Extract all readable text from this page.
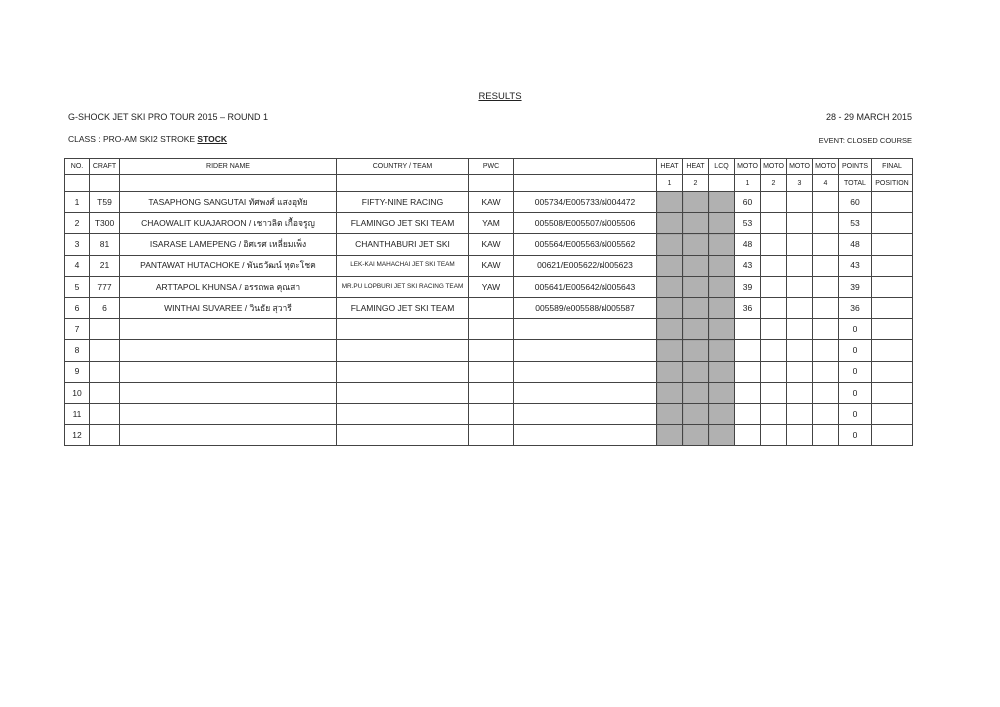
RESULTS
G-SHOCK JET SKI PRO TOUR 2015 – ROUND 1	28 - 29 MARCH 2015
CLASS : PRO-AM SKI2 STROKE STOCK	EVENT: CLOSED COURSE
NO.	CRAFT	RIDER NAME	COUNTRY / TEAM	PWC		HEAT	HEAT	LCQ	MOTO	MOTO	MOTO	MOTO	POINTS	FINAL
						1	2		1	2	3	4	TOTAL	POSITION
1	T59	TASAPHONG SANGUTAI ทัศพงศ์ แสงอุทัย	FIFTY-NINE RACING	KAW	005734/E005733/ฝ004472				60				60	
2	T300	CHAOWALIT KUAJAROON / เชาวลิต เกื้อจรูญ	FLAMINGO JET SKI TEAM	YAM	005508/E005507/ฝ005506				53				53	
3	81	ISARASE LAMEPENG / อิศเรศ เหลี่ยมเพ็ง	CHANTHABURI JET SKI	KAW	005564/E005563/ฝ005562				48				48	
4	21	PANTAWAT HUTACHOKE / พันธวัฒน์ หุตะโชค	LEK-KAI MAHACHAI JET SKI TEAM	KAW	00621/E005622/ฝ005623				43				43	
5	777	ARTTAPOL KHUNSA / อรรถพล คุณสา	MR.PU LOPBURI JET SKI RACING TEAM	YAW	005641/E005642/ฝ005643				39				39	
6	6	WINTHAI SUVAREE / วินธัย สุวารี	FLAMINGO JET SKI TEAM		005589/e005588/ฝ005587				36				36	
7													0	
8													0	
9													0	
10													0	
11													0	
12													0	
